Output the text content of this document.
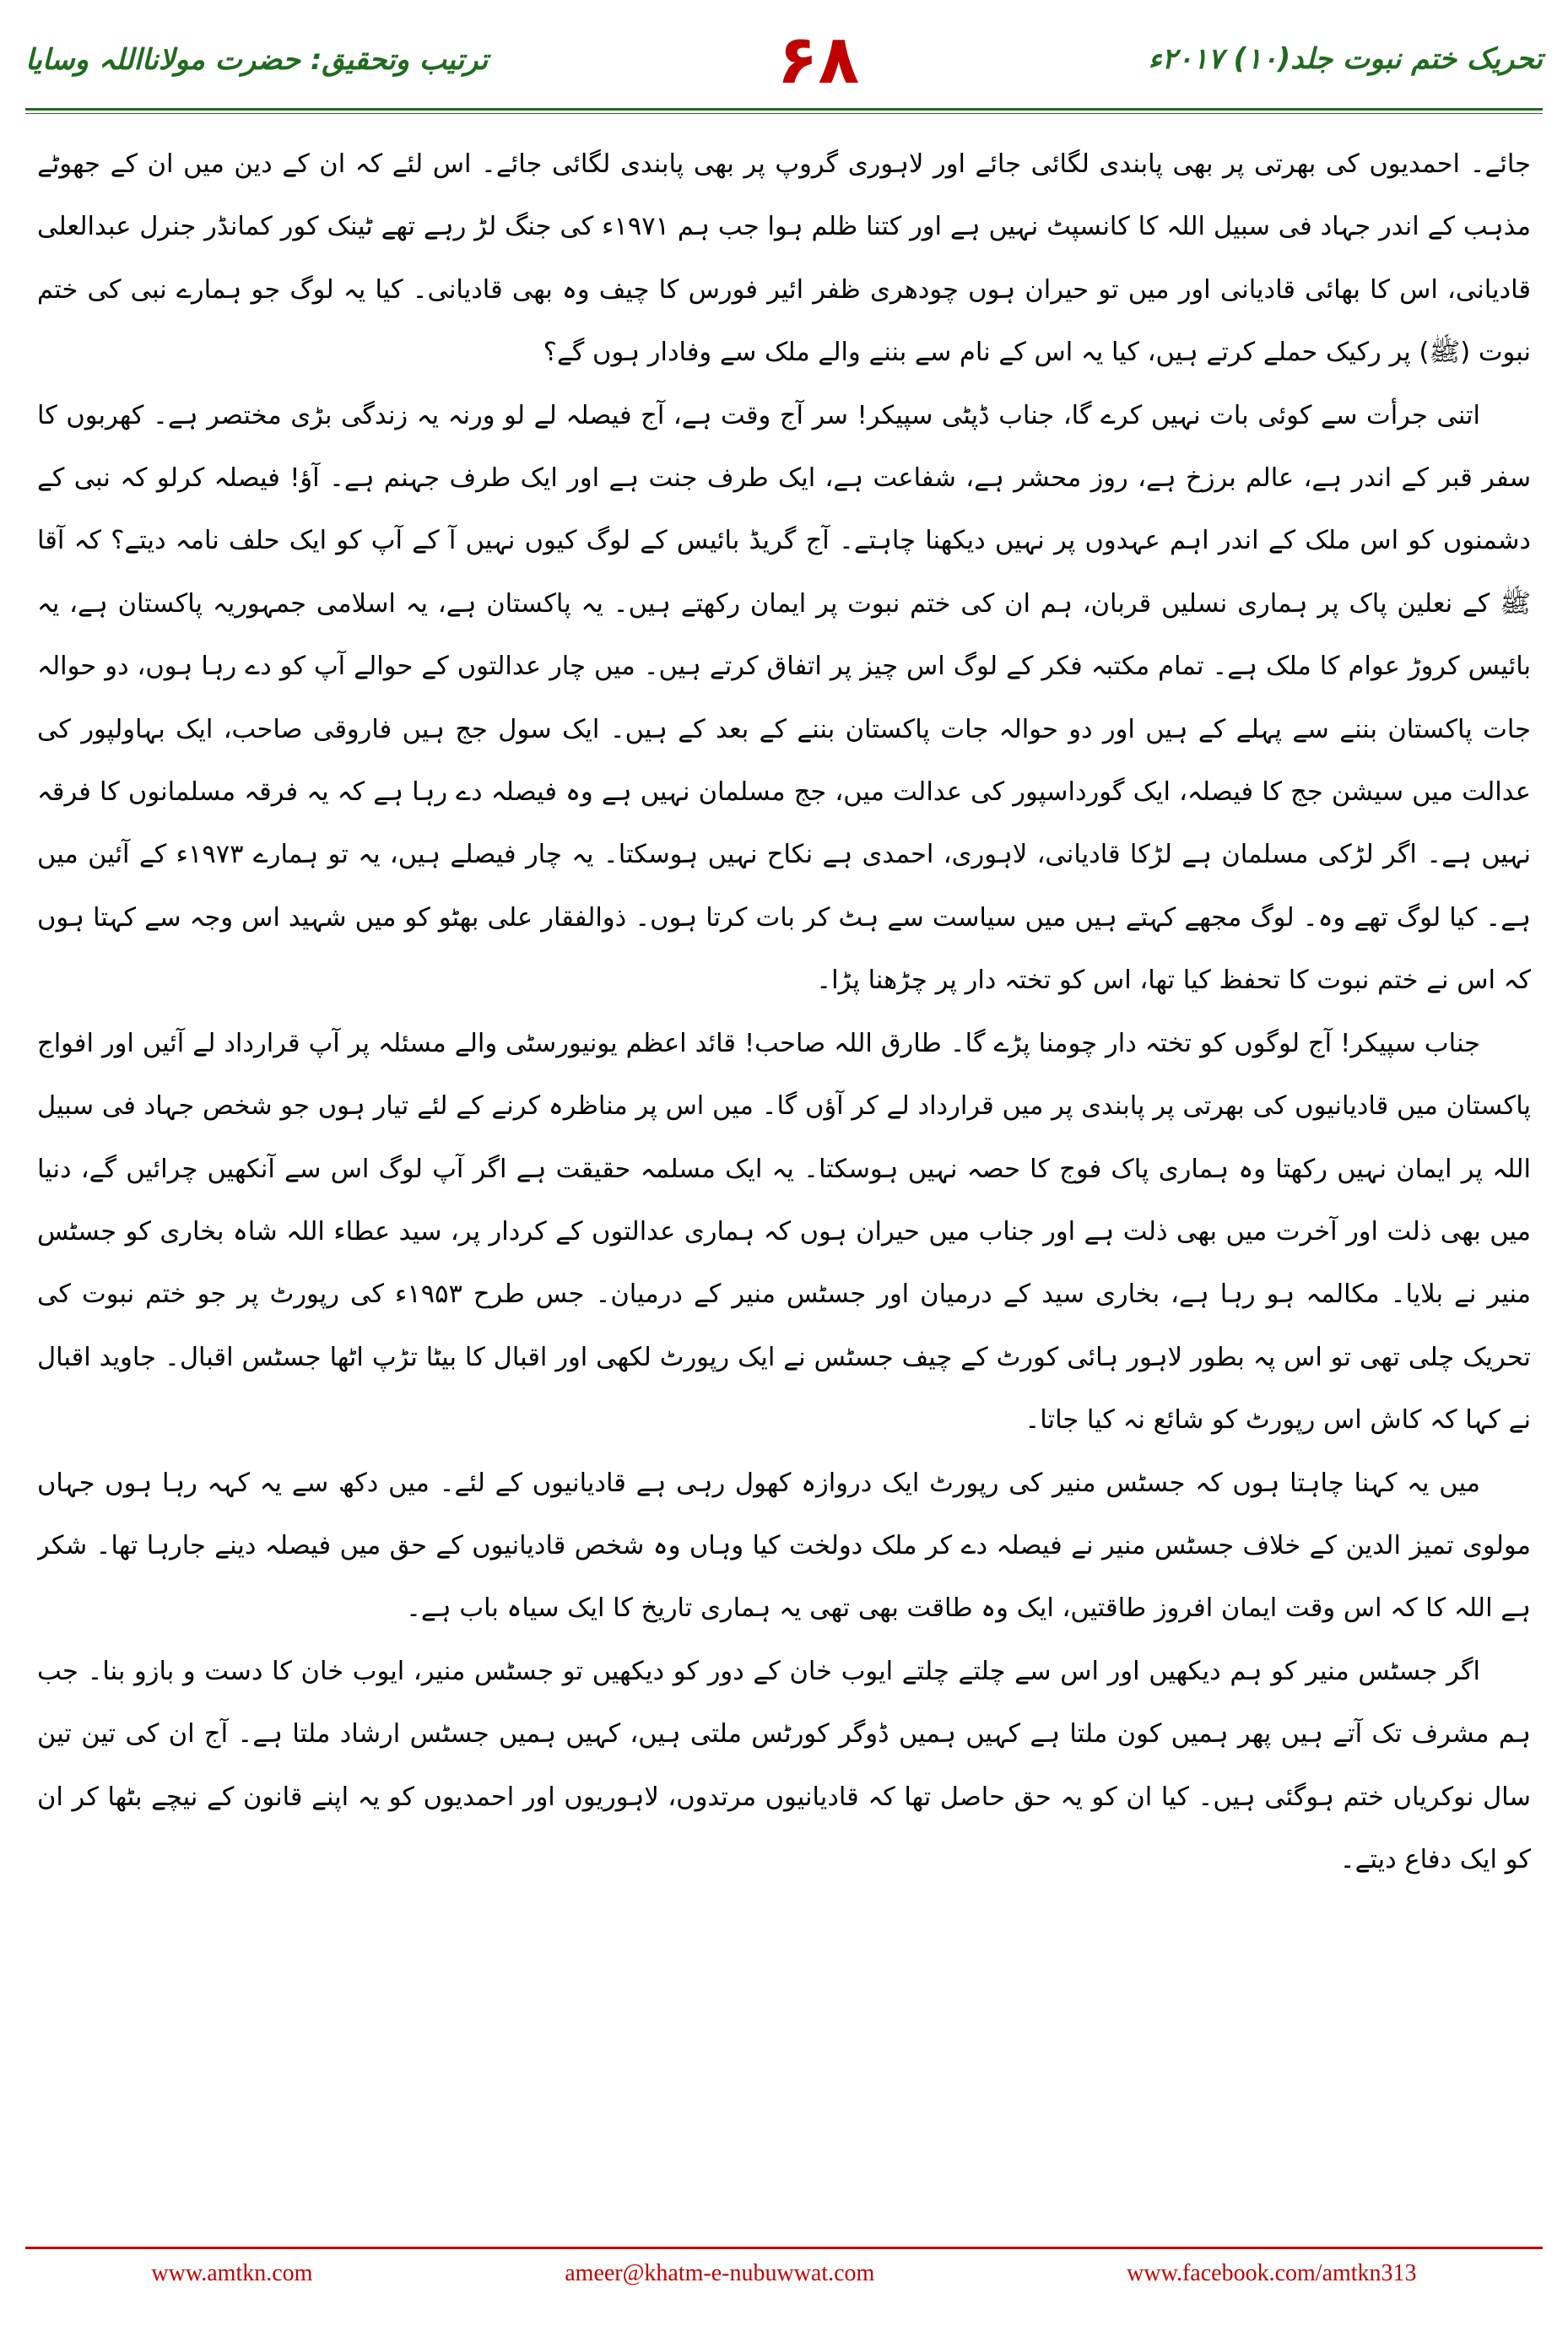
ترتیب وتحقیق: حضرت مولانااللہ وسایا	۶۸	تحریک ختم نبوت جلد(۱۰) ۲۰۱۷ء

جائے۔ احمدیوں کی بھرتی پر بھی پابندی لگائی جائے اور لاہوری گروپ پر بھی پابندی لگائی جائے۔ اس لئے کہ ان کے دین میں ان کے جھوٹے مذہب کے اندر جہاد فی سبیل اللہ کا کانسپٹ نہیں ہے اور کتنا ظلم ہوا جب ہم ۱۹۷۱ء کی جنگ لڑ رہے تھے ٹینک کور کمانڈر جنرل عبدالعلی قادیانی، اس کا بھائی قادیانی اور میں تو حیران ہوں چودھری ظفر ائیر فورس کا چیف وہ بھی قادیانی۔ کیا یہ لوگ جو ہمارے نبی کی ختم نبوت (ﷺ) پر رکیک حملے کرتے ہیں، کیا یہ اس کے نام سے بننے والے ملک سے وفادار ہوں گے؟

اتنی جرأت سے کوئی بات نہیں کرے گا، جناب ڈپٹی سپیکر! سر آج وقت ہے، آج فیصلہ لے لو ورنہ یہ زندگی بڑی مختصر ہے۔ کھربوں کا سفر قبر کے اندر ہے، عالم برزخ ہے، روز محشر ہے، شفاعت ہے، ایک طرف جنت ہے اور ایک طرف جہنم ہے۔ آؤ! فیصلہ کرلو کہ نبی کے دشمنوں کو اس ملک کے اندر اہم عہدوں پر نہیں دیکھنا چاہتے۔ آج گریڈ بائیس کے لوگ کیوں نہیں آ کے آپ کو ایک حلف نامہ دیتے؟ کہ آقا ﷺ کے نعلین پاک پر ہماری نسلیں قربان، ہم ان کی ختم نبوت پر ایمان رکھتے ہیں۔ یہ پاکستان ہے، یہ اسلامی جمہوریہ پاکستان ہے، یہ بائیس کروڑ عوام کا ملک ہے۔ تمام مکتبہ فکر کے لوگ اس چیز پر اتفاق کرتے ہیں۔ میں چار عدالتوں کے حوالے آپ کو دے رہا ہوں، دو حوالہ جات پاکستان بننے سے پہلے کے ہیں اور دو حوالہ جات پاکستان بننے کے بعد کے ہیں۔ ایک سول جج ہیں فاروقی صاحب، ایک بہاولپور کی عدالت میں سیشن جج کا فیصلہ، ایک گورداسپور کی عدالت میں، جج مسلمان نہیں ہے وہ فیصلہ دے رہا ہے کہ یہ فرقہ مسلمانوں کا فرقہ نہیں ہے۔ اگر لڑکی مسلمان ہے لڑکا قادیانی، لاہوری، احمدی ہے نکاح نہیں ہوسکتا۔ یہ چار فیصلے ہیں، یہ تو ہمارے ۱۹۷۳ء کے آئین میں ہے۔ کیا لوگ تھے وہ۔ لوگ مجھے کہتے ہیں میں سیاست سے ہٹ کر بات کرتا ہوں۔ ذوالفقار علی بھٹو کو میں شہید اس وجہ سے کہتا ہوں کہ اس نے ختم نبوت کا تحفظ کیا تھا، اس کو تختہ دار پر چڑھنا پڑا۔

جناب سپیکر! آج لوگوں کو تختہ دار چومنا پڑے گا۔ طارق اللہ صاحب! قائد اعظم یونیورسٹی والے مسئلہ پر آپ قرارداد لے آئیں اور افواج پاکستان میں قادیانیوں کی بھرتی پر پابندی پر میں قرارداد لے کر آؤں گا۔ میں اس پر مناظرہ کرنے کے لئے تیار ہوں جو شخص جہاد فی سبیل اللہ پر ایمان نہیں رکھتا وہ ہماری پاک فوج کا حصہ نہیں ہوسکتا۔ یہ ایک مسلمہ حقیقت ہے اگر آپ لوگ اس سے آنکھیں چرائیں گے، دنیا میں بھی ذلت اور آخرت میں بھی ذلت ہے اور جناب میں حیران ہوں کہ ہماری عدالتوں کے کردار پر، سید عطاء اللہ شاہ بخاری کو جسٹس منیر نے بلایا۔ مکالمہ ہو رہا ہے، بخاری سید کے درمیان اور جسٹس منیر کے درمیان۔ جس طرح ۱۹۵۳ء کی رپورٹ پر جو ختم نبوت کی تحریک چلی تھی تو اس پہ بطور لاہور ہائی کورٹ کے چیف جسٹس نے ایک رپورٹ لکھی اور اقبال کا بیٹا تڑپ اٹھا جسٹس اقبال۔ جاوید اقبال نے کہا کہ کاش اس رپورٹ کو شائع نہ کیا جاتا۔

میں یہ کہنا چاہتا ہوں کہ جسٹس منیر کی رپورٹ ایک دروازہ کھول رہی ہے قادیانیوں کے لئے۔ میں دکھ سے یہ کہہ رہا ہوں جہاں مولوی تمیز الدین کے خلاف جسٹس منیر نے فیصلہ دے کر ملک دولخت کیا وہاں وہ شخص قادیانیوں کے حق میں فیصلہ دینے جارہا تھا۔ شکر ہے اللہ کا کہ اس وقت ایمان افروز طاقتیں، ایک وہ طاقت بھی تھی یہ ہماری تاریخ کا ایک سیاہ باب ہے۔

اگر جسٹس منیر کو ہم دیکھیں اور اس سے چلتے چلتے ایوب خان کے دور کو دیکھیں تو جسٹس منیر، ایوب خان کا دست و بازو بنا۔ جب ہم مشرف تک آتے ہیں پھر ہمیں کون ملتا ہے کہیں ہمیں ڈوگر کورٹس ملتی ہیں، کہیں ہمیں جسٹس ارشاد ملتا ہے۔ آج ان کی تین تین سال نوکریاں ختم ہوگئی ہیں۔ کیا ان کو یہ حق حاصل تھا کہ قادیانیوں مرتدوں، لاہوریوں اور احمدیوں کو یہ اپنے قانون کے نیچے بٹھا کر ان کو ایک دفاع دیتے۔

www.amtkn.com	ameer@khatm-e-nubuwwat.com	www.facebook.com/amtkn313
